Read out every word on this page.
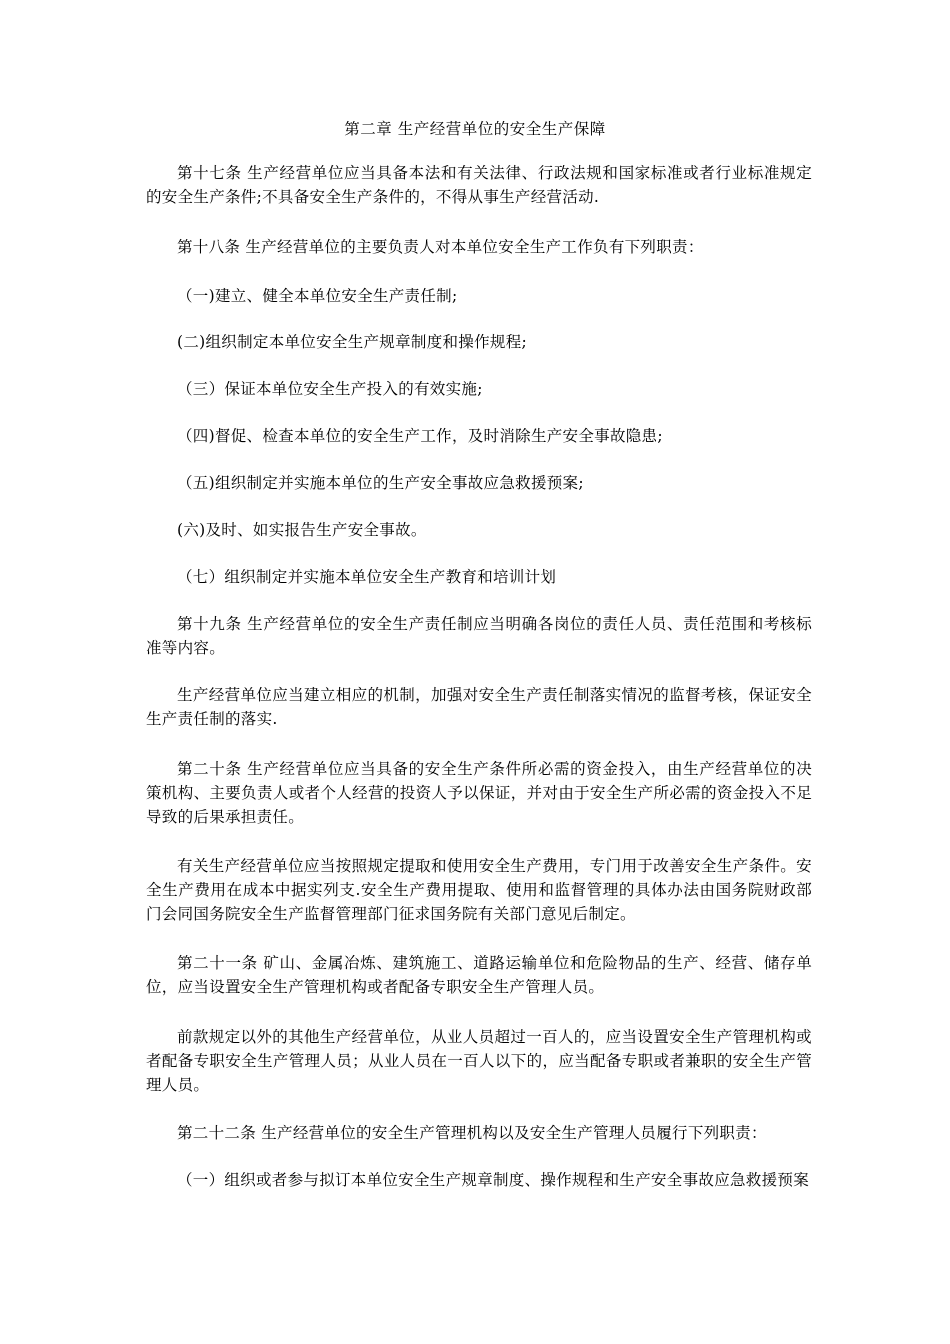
第二章 生产经营单位的安全生产保障
第十七条 生产经营单位应当具备本法和有关法律、行政法规和国家标准或者行业标准规定的安全生产条件;不具备安全生产条件的，不得从事生产经营活动.
第十八条 生产经营单位的主要负责人对本单位安全生产工作负有下列职责：
（一)建立、健全本单位安全生产责任制;
(二)组织制定本单位安全生产规章制度和操作规程;
（三）保证本单位安全生产投入的有效实施;
（四)督促、检查本单位的安全生产工作，及时消除生产安全事故隐患;
（五)组织制定并实施本单位的生产安全事故应急救援预案;
(六)及时、如实报告生产安全事故。
（七）组织制定并实施本单位安全生产教育和培训计划
第十九条 生产经营单位的安全生产责任制应当明确各岗位的责任人员、责任范围和考核标准等内容。
生产经营单位应当建立相应的机制，加强对安全生产责任制落实情况的监督考核，保证安全生产责任制的落实.
第二十条 生产经营单位应当具备的安全生产条件所必需的资金投入，由生产经营单位的决策机构、主要负责人或者个人经营的投资人予以保证，并对由于安全生产所必需的资金投入不足导致的后果承担责任。
有关生产经营单位应当按照规定提取和使用安全生产费用，专门用于改善安全生产条件。安全生产费用在成本中据实列支.安全生产费用提取、使用和监督管理的具体办法由国务院财政部门会同国务院安全生产监督管理部门征求国务院有关部门意见后制定。
第二十一条 矿山、金属冶炼、建筑施工、道路运输单位和危险物品的生产、经营、储存单位，应当设置安全生产管理机构或者配备专职安全生产管理人员。
前款规定以外的其他生产经营单位，从业人员超过一百人的，应当设置安全生产管理机构或者配备专职安全生产管理人员；从业人员在一百人以下的，应当配备专职或者兼职的安全生产管理人员。
第二十二条 生产经营单位的安全生产管理机构以及安全生产管理人员履行下列职责：
（一）组织或者参与拟订本单位安全生产规章制度、操作规程和生产安全事故应急救援预案
